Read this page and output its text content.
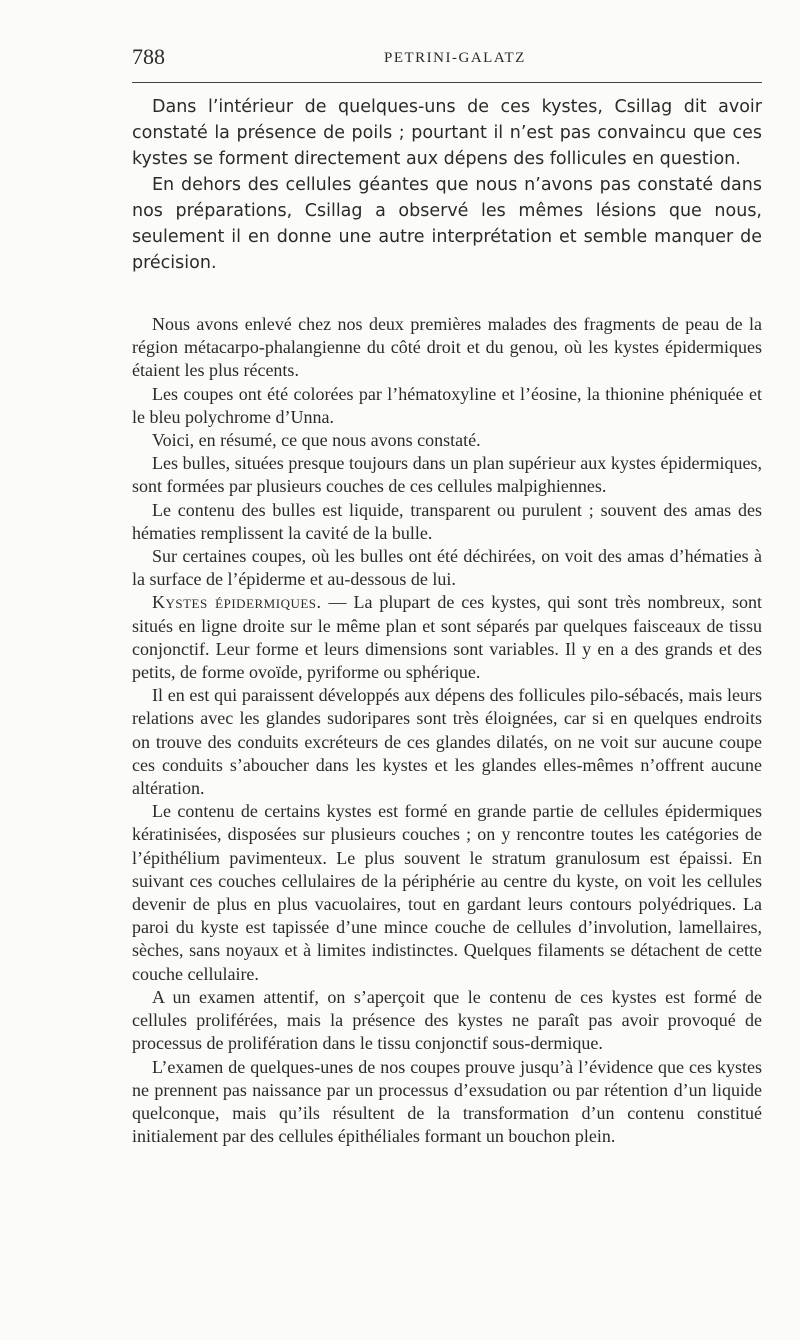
788	PETRINI-GALATZ

Dans l’intérieur de quelques-uns de ces kystes, Csillag dit avoir constaté la présence de poils ; pourtant il n’est pas convaincu que ces kystes se forment directement aux dépens des follicules en question.

En dehors des cellules géantes que nous n’avons pas constaté dans nos préparations, Csillag a observé les mêmes lésions que nous, seulement il en donne une autre interprétation et semble manquer de précision.

Nous avons enlevé chez nos deux premières malades des fragments de peau de la région métacarpo-phalangienne du côté droit et du genou, où les kystes épidermiques étaient les plus récents.

Les coupes ont été colorées par l’hématoxyline et l’éosine, la thionine phéniquée et le bleu polychrome d’Unna.

Voici, en résumé, ce que nous avons constaté.

Les bulles, situées presque toujours dans un plan supérieur aux kystes épidermiques, sont formées par plusieurs couches de ces cellules malpighiennes.

Le contenu des bulles est liquide, transparent ou purulent ; souvent des amas des hématies remplissent la cavité de la bulle.

Sur certaines coupes, où les bulles ont été déchirées, on voit des amas d’hématies à la surface de l’épiderme et au-dessous de lui.

Kystes épidermiques. — La plupart de ces kystes, qui sont très nombreux, sont situés en ligne droite sur le même plan et sont séparés par quelques faisceaux de tissu conjonctif. Leur forme et leurs dimensions sont variables. Il y en a des grands et des petits, de forme ovoïde, pyriforme ou sphérique.

Il en est qui paraissent développés aux dépens des follicules pilo-sébacés, mais leurs relations avec les glandes sudoripares sont très éloignées, car si en quelques endroits on trouve des conduits excréteurs de ces glandes dilatés, on ne voit sur aucune coupe ces conduits s’aboucher dans les kystes et les glandes elles-mêmes n’offrent aucune altération.

Le contenu de certains kystes est formé en grande partie de cellules épidermiques kératinisées, disposées sur plusieurs couches ; on y rencontre toutes les catégories de l’épithélium pavimenteux. Le plus souvent le stratum granulosum est épaissi. En suivant ces couches cellulaires de la périphérie au centre du kyste, on voit les cellules devenir de plus en plus vacuolaires, tout en gardant leurs contours polyédriques. La paroi du kyste est tapissée d’une mince couche de cellules d’involution, lamellaires, sèches, sans noyaux et à limites indistinctes. Quelques filaments se détachent de cette couche cellulaire.

A un examen attentif, on s’aperçoit que le contenu de ces kystes est formé de cellules proliférées, mais la présence des kystes ne paraît pas avoir provoqué de processus de prolifération dans le tissu conjonctif sous-dermique.

L’examen de quelques-unes de nos coupes prouve jusqu’à l’évidence que ces kystes ne prennent pas naissance par un processus d’exsudation ou par rétention d’un liquide quelconque, mais qu’ils résultent de la transformation d’un contenu constitué initialement par des cellules épithéliales formant un bouchon plein.
